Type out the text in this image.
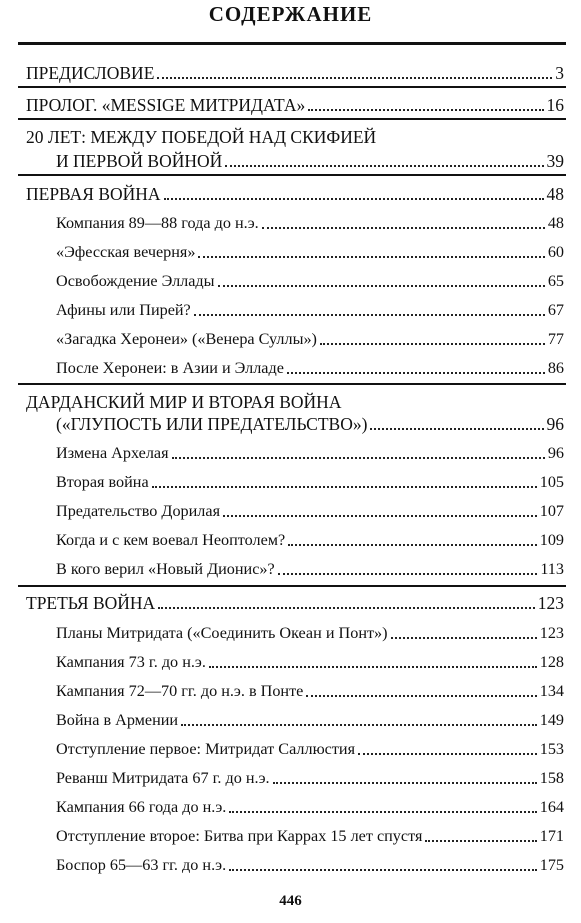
СОДЕРЖАНИЕ
ПРЕДИСЛОВИЕ	3
ПРОЛОГ. «MESSIGE МИТРИДАТА»	16
20 ЛЕТ: МЕЖДУ ПОБЕДОЙ НАД СКИФИЕЙ
И ПЕРВОЙ ВОЙНОЙ	39
ПЕРВАЯ ВОЙНА	48
Компания 89—88 года до н.э.	48
«Эфесская вечерня»	60
Освобождение Эллады	65
Афины или Пирей?	67
«Загадка Херонеи» («Венера Суллы»)	77
После Херонеи: в Азии и Элладе	86
ДАРДАНСКИЙ МИР И ВТОРАЯ ВОЙНА
(«ГЛУПОСТЬ ИЛИ ПРЕДАТЕЛЬСТВО»)	96
Измена Архелая	96
Вторая война	105
Предательство Дорилая	107
Когда и с кем воевал Неоптолем?	109
В кого верил «Новый Дионис»?	113
ТРЕТЬЯ ВОЙНА	123
Планы Митридата («Соединить Океан и Понт»)	123
Кампания 73 г. до н.э.	128
Кампания 72—70 гг. до н.э. в Понте	134
Война в Армении	149
Отступление первое: Митридат Саллюстия	153
Реванш Митридата 67 г. до н.э.	158
Кампания 66 года до н.э.	164
Отступление второе: Битва при Каррах 15 лет спустя	171
Боспор 65—63 гг. до н.э.	175
446
